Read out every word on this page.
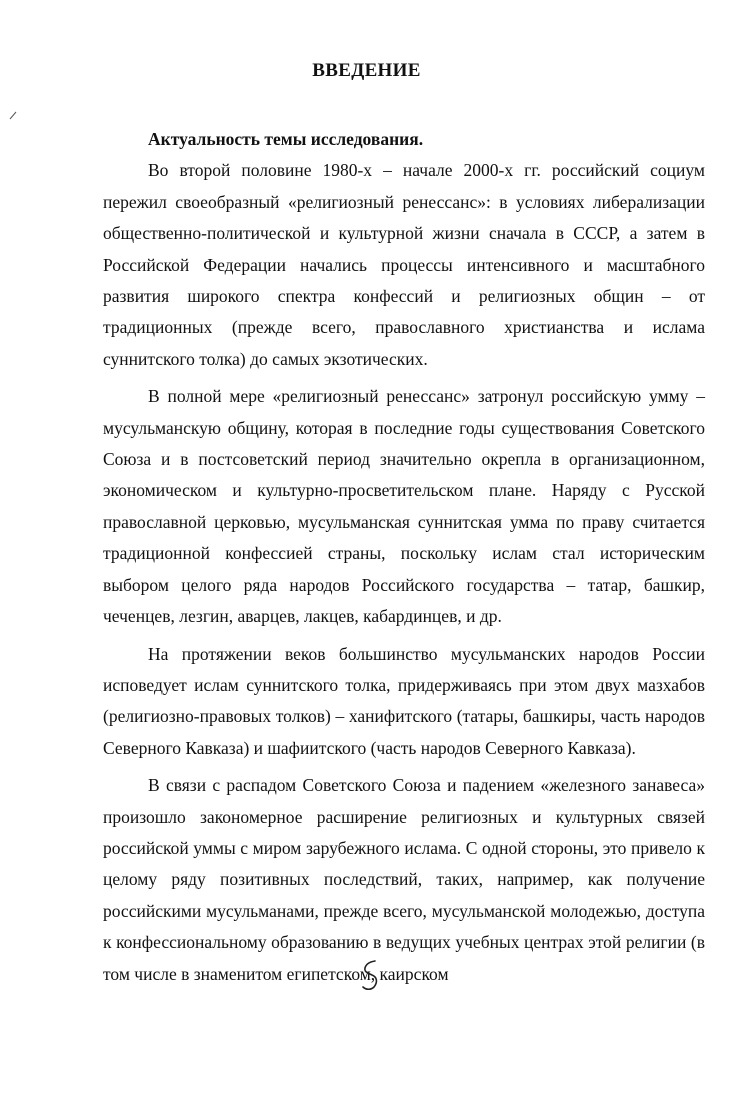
ВВЕДЕНИЕ

Актуальность темы исследования.

Во второй половине 1980-х – начале 2000-х гг. российский социум пережил своеобразный «религиозный ренессанс»: в условиях либерализации общественно-политической и культурной жизни сначала в СССР, а затем в Российской Федерации начались процессы интенсивного и масштабного развития широкого спектра конфессий и религиозных общин – от традиционных (прежде всего, православного христианства и ислама суннитского толка) до самых экзотических.

В полной мере «религиозный ренессанс» затронул российскую умму – мусульманскую общину, которая в последние годы существования Советского Союза и в постсоветский период значительно окрепла в организационном, экономическом и культурно-просветительском плане. Наряду с Русской православной церковью, мусульманская суннитская умма по праву считается традиционной конфессией страны, поскольку ислам стал историческим выбором целого ряда народов Российского государства – татар, башкир, чеченцев, лезгин, аварцев, лакцев, кабардинцев, и др.

На протяжении веков большинство мусульманских народов России исповедует ислам суннитского толка, придерживаясь при этом двух мазхабов (религиозно-правовых толков) – ханифитского (татары, башкиры, часть народов Северного Кавказа) и шафиитского (часть народов Северного Кавказа).

В связи с распадом Советского Союза и падением «железного занавеса» произошло закономерное расширение религиозных и культурных связей российской уммы с миром зарубежного ислама. С одной стороны, это привело к целому ряду позитивных последствий, таких, например, как получение российскими мусульманами, прежде всего, мусульманской молодежью, доступа к конфессиональному образованию в ведущих учебных центрах этой религии (в том числе в знаменитом египетском, каирском
